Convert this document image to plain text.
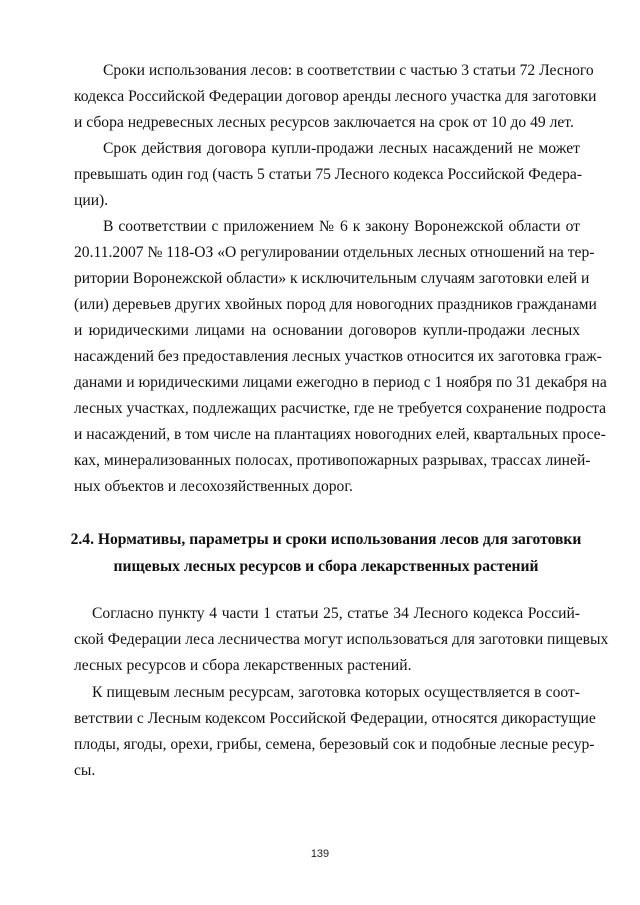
Сроки использования лесов: в соответствии с частью 3 статьи 72 Лесного
кодекса Российской Федерации договор аренды лесного участка для заготовки
и сбора недревесных лесных ресурсов заключается на срок от 10 до 49 лет.
Срок действия договора купли-продажи лесных насаждений не может
превышать один год (часть 5 статьи 75 Лесного кодекса Российской Федера-
ции).
В соответствии с приложением № 6 к закону Воронежской области от
20.11.2007 № 118-ОЗ «О регулировании отдельных лесных отношений на тер-
ритории Воронежской области» к исключительным случаям заготовки елей и
(или) деревьев других хвойных пород для новогодних праздников гражданами
и юридическими лицами на основании договоров купли-продажи лесных
насаждений без предоставления лесных участков относится их заготовка граж-
данами и юридическими лицами ежегодно в период с 1 ноября по 31 декабря на
лесных участках, подлежащих расчистке, где не требуется сохранение подроста
и насаждений, в том числе на плантациях новогодних елей, квартальных просе-
ках, минерализованных полосах, противопожарных разрывах, трассах линей-
ных объектов и лесохозяйственных дорог.
2.4. Нормативы, параметры и сроки использования лесов для заготовки
пищевых лесных ресурсов и сбора лекарственных растений
Согласно пункту 4 части 1 статьи 25, статье 34 Лесного кодекса Россий-
ской Федерации леса лесничества могут использоваться для заготовки пищевых
лесных ресурсов и сбора лекарственных растений.
К пищевым лесным ресурсам, заготовка которых осуществляется в соот-
ветствии с Лесным кодексом Российской Федерации, относятся дикорастущие
плоды, ягоды, орехи, грибы, семена, березовый сок и подобные лесные ресур-
сы.
139
